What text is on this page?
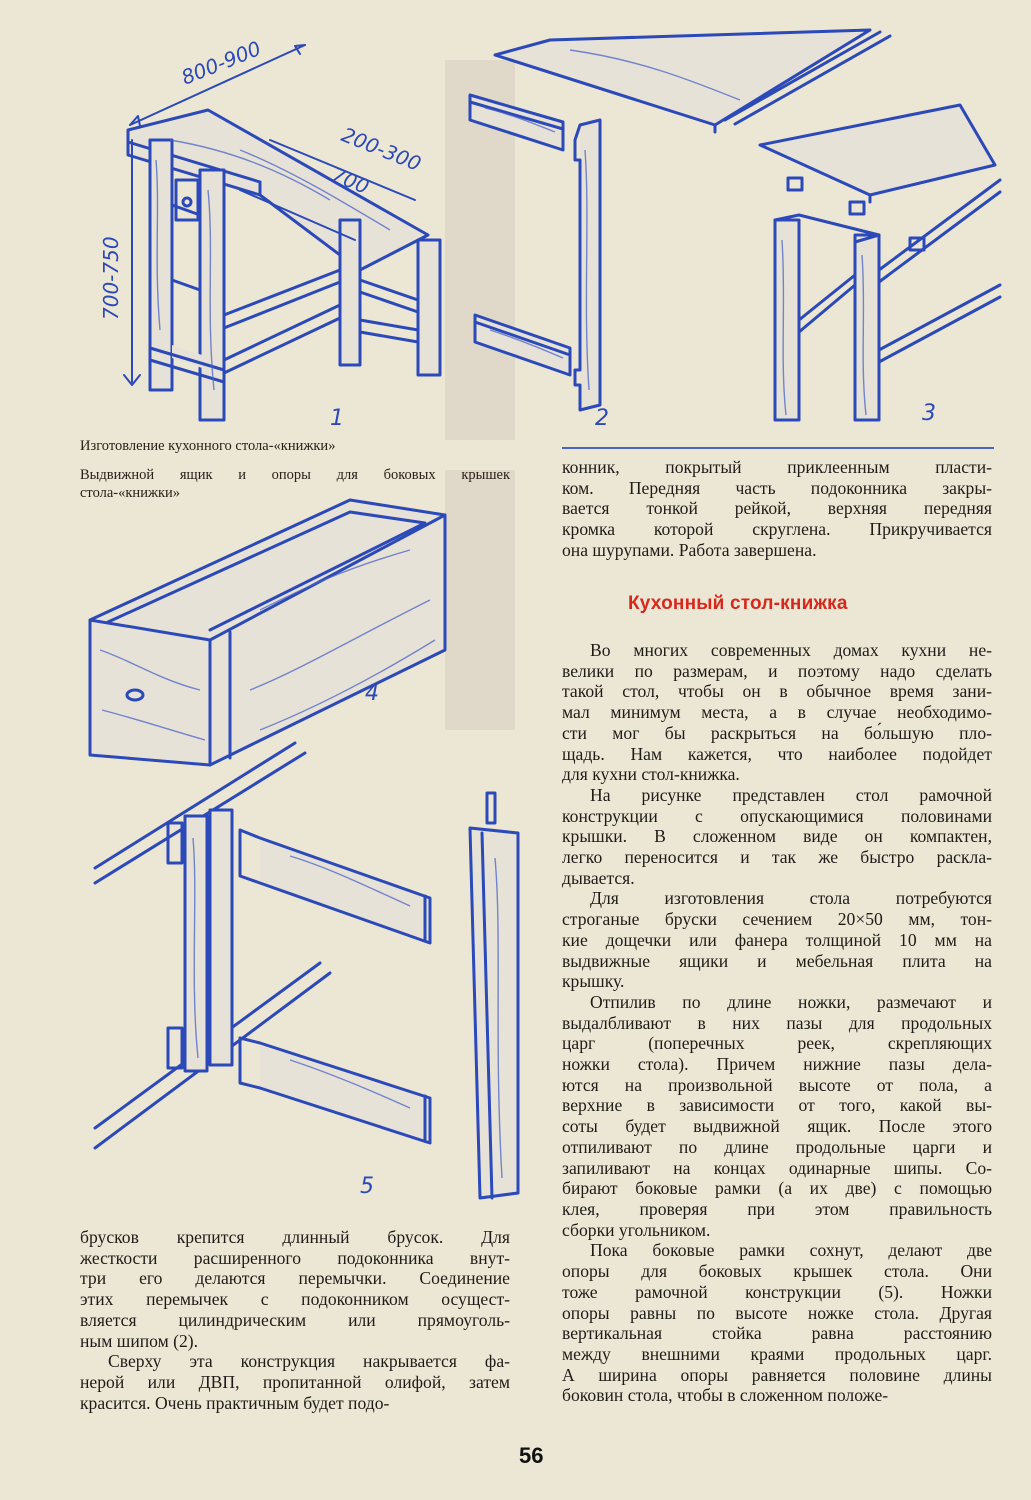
800-900
200-300
700
700-750
1	2	3
Изготовление кухонного стола-«книжки»
Выдвижной ящик и опоры для боковых крышек
стола-«книжки»
4
5
конник, покрытый приклеенным пласти-
ком. Передняя часть подоконника закры-
вается тонкой рейкой, верхняя передняя
кромка которой скруглена. Прикручивается
она шурупами. Работа завершена.
Кухонный стол-книжка
Во многих современных домах кухни не-
велики по размерам, и поэтому надо сделать
такой стол, чтобы он в обычное время зани-
мал минимум места, а в случае необходимо-
сти мог бы раскрыться на бо́льшую пло-
щадь. Нам кажется, что наиболее подойдет
для кухни стол-книжка.
На рисунке представлен стол рамочной
конструкции с опускающимися половинами
крышки. В сложенном виде он компактен,
легко переносится и так же быстро раскла-
дывается.
Для изготовления стола потребуются
строганые бруски сечением 20×50 мм, тон-
кие дощечки или фанера толщиной 10 мм на
выдвижные ящики и мебельная плита на
крышку.
Отпилив по длине ножки, размечают и
выдалбливают в них пазы для продольных
царг (поперечных реек, скрепляющих
ножки стола). Причем нижние пазы дела-
ются на произвольной высоте от пола, а
верхние в зависимости от того, какой вы-
соты будет выдвижной ящик. После этого
отпиливают по длине продольные царги и
запиливают на концах одинарные шипы. Со-
бирают боковые рамки (а их две) с помощью
клея, проверяя при этом правильность
сборки угольником.
Пока боковые рамки сохнут, делают две
опоры для боковых крышек стола. Они
тоже рамочной конструкции (5). Ножки
опоры равны по высоте ножке стола. Другая
вертикальная стойка равна расстоянию
между внешними краями продольных царг.
А ширина опоры равняется половине длины
боковин стола, чтобы в сложенном положе-
брусков крепится длинный брусок. Для
жесткости расширенного подоконника внут-
три его делаются перемычки. Соединение
этих перемычек с подоконником осущест-
вляется цилиндрическим или прямоуголь-
ным шипом (2).
Сверху эта конструкция накрывается фа-
нерой или ДВП, пропитанной олифой, затем
красится. Очень практичным будет подо-
56
